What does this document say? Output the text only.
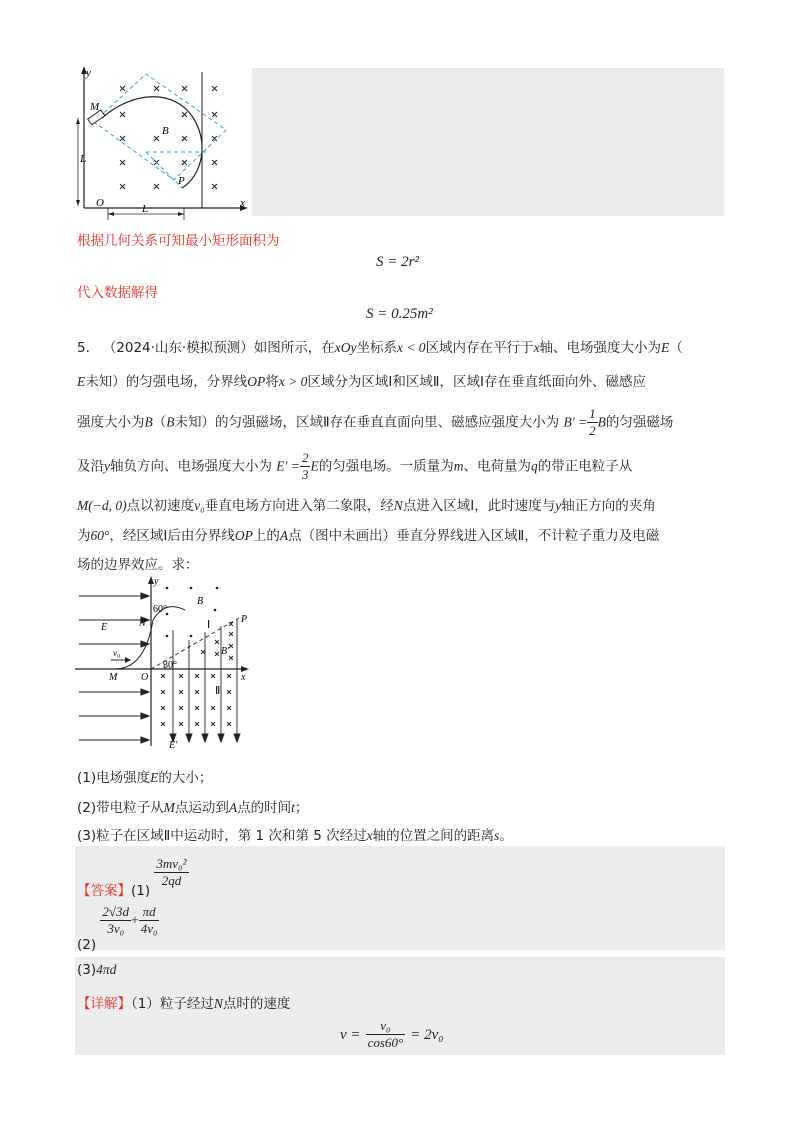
y
M
L
B
P
O	L	x
根据几何关系可知最小矩形面积为
S = 2r²
代入数据解得
S = 0.25m²
5. （2024·山东·模拟预测）如图所示，在xOy坐标系x < 0区域内存在平行于x轴、电场强度大小为E（
E未知）的匀强电场，分界线OP将x > 0区域分为区域Ⅰ和区域Ⅱ，区域Ⅰ存在垂直纸面向外、磁感应
强度大小为B（B未知）的匀强磁场，区域Ⅱ存在垂直直面向里、磁感应强度大小为 $B' = \frac{1}{2}$ B的匀强磁场
及沿y轴负方向、电场强度大小为 $E' = \frac{2}{3}$ E的匀强电场。一质量为m、电荷量为q的带正电粒子从
M(−d, 0)点以初速度v₀垂直电场方向进入第二象限，经N点进入区域Ⅰ，此时速度与y轴正方向的夹角
为60°，经区域Ⅰ后由分界线OP上的A点（图中未画出）垂直分界线进入区域Ⅱ，不计粒子重力及电磁
场的边界效应。求：
y
60°
B
N	Ⅰ	P
E
v₀	B′
M O
30°
x
Ⅱ
E′
(1)电场强度E的大小；
(2)带电粒子从M点运动到A点的时间t；
(3)粒子在区域Ⅱ中运动时，第 1 次和第 5 次经过x轴的位置之间的距离s。
【答案】(1)
$\frac{\text{3mv₀²}}{2qd}$
(2)
$\frac{2√3d}{\text{3v₀}} + \frac{\pi d}{\text{4v₀}}$
(3)4πd
【详解】（1）粒子经过N点时的速度
$v = \frac{\text{v₀}}{\cos 60^\circ} = 2v_0$
